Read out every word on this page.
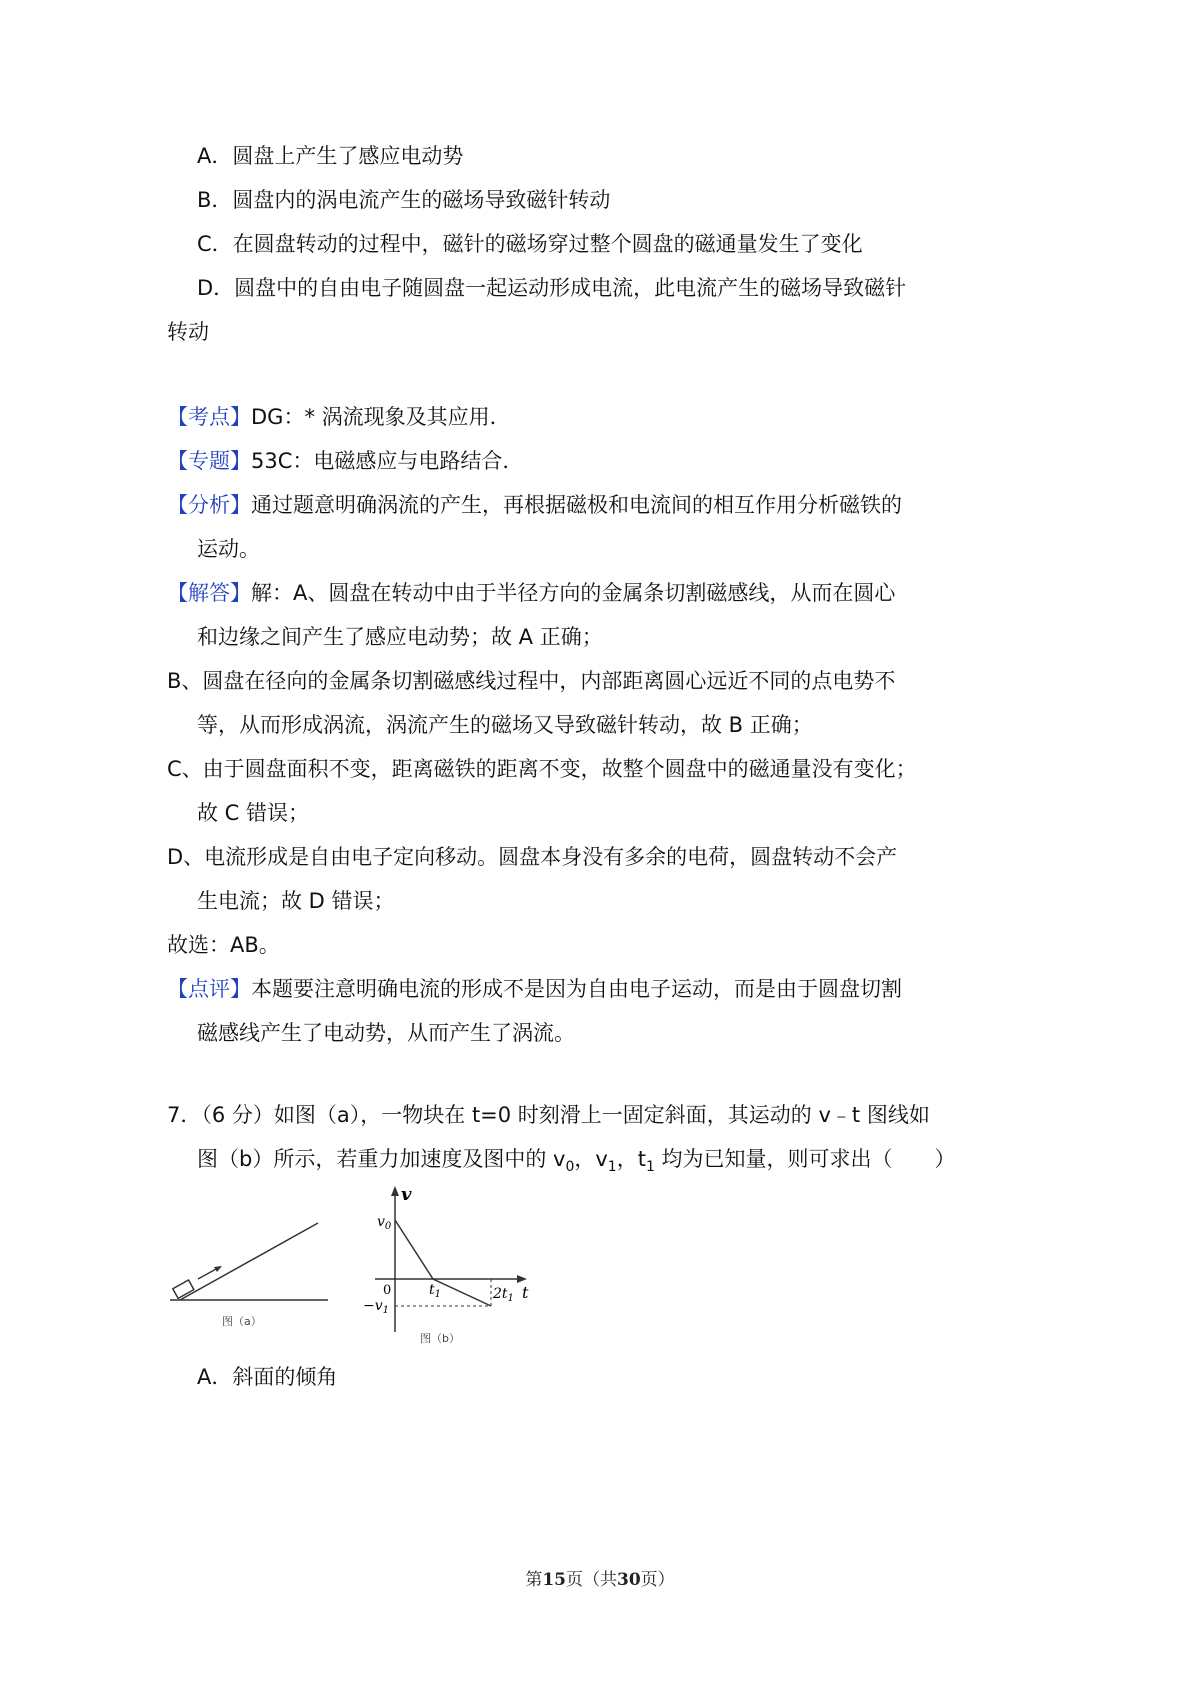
A．圆盘上产生了感应电动势
B．圆盘内的涡电流产生的磁场导致磁针转动
C．在圆盘转动的过程中，磁针的磁场穿过整个圆盘的磁通量发生了变化
D．圆盘中的自由电子随圆盘一起运动形成电流，此电流产生的磁场导致磁针
转动
【考点】DG：* 涡流现象及其应用．
【专题】53C：电磁感应与电路结合．
【分析】通过题意明确涡流的产生，再根据磁极和电流间的相互作用分析磁铁的
运动。
【解答】解：A、圆盘在转动中由于半径方向的金属条切割磁感线，从而在圆心
和边缘之间产生了感应电动势；故 A 正确；
B、圆盘在径向的金属条切割磁感线过程中，内部距离圆心远近不同的点电势不
等，从而形成涡流，涡流产生的磁场又导致磁针转动，故 B 正确；
C、由于圆盘面积不变，距离磁铁的距离不变，故整个圆盘中的磁通量没有变化；
故 C 错误；
D、电流形成是自由电子定向移动。圆盘本身没有多余的电荷，圆盘转动不会产
生电流；故 D 错误；
故选：AB。
【点评】本题要注意明确电流的形成不是因为自由电子运动，而是由于圆盘切割
磁感线产生了电动势，从而产生了涡流。
7．（6 分）如图（a），一物块在 t=0 时刻滑上一固定斜面，其运动的 v﹣t 图线如
图（b）所示，若重力加速度及图中的 $v_0$，$v_1$，$t_1$ 均为已知量，则可求出（　　）
图（a）
v
t
$v_0$
0	$t_1$
$-v_1$
$2t_1$
图（b）
A．斜面的倾角
第15页（共30页）
